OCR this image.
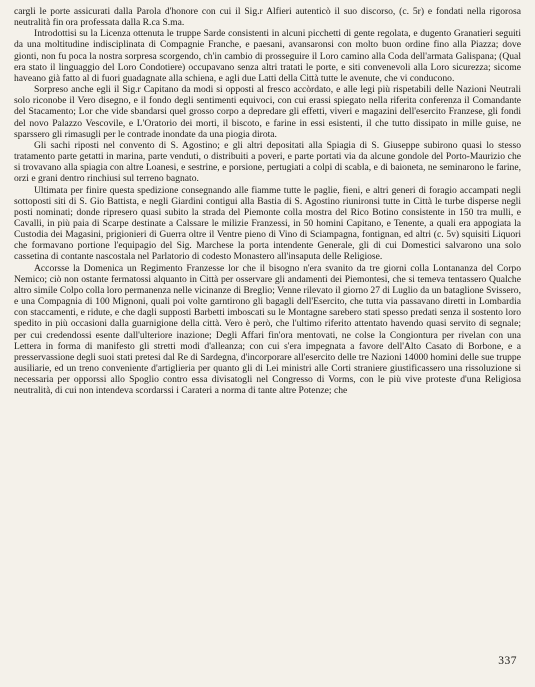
cargli le porte assicurati dalla Parola d'honore con cui il Sig.r Alfieri autenticò il suo discorso, (c. 5r) e fondati nella rigorosa neutralità fin ora professata dalla R.ca S.ma.

Introdottisi su la Licenza ottenuta le truppe Sarde consistenti in alcuni picchetti di gente regolata, e dugento Granatieri seguiti da una moltitudine indisciplinata di Compagnie Franche, e paesani, avansaronsi con molto buon ordine fino alla Piazza; dove gionti, non fu poca la nostra sorpresa scorgendo, ch'in cambio di prosseguire il Loro camino alla Coda dell'armata Galispana; (Qual era stato il linguaggio del Loro Condotiere) occupavano senza altri tratati le porte, e siti convenevoli alla Loro sicurezza; sicome haveano già fatto al di fuori guadagnate alla schiena, e agli due Latti della Città tutte le avenute, che vi conducono.

Sorpreso anche egli il Sig.r Capitano da modi si opposti al fresco accòrdato, e alle legi più rispetabili delle Nazioni Neutrali solo riconobe il Vero disegno, e il fondo degli sentimenti equivoci, con cui erassi spiegato nella riferita conferenza il Comandante del Stacamento; Lor che vide sbandarsi quel grosso corpo a depredare gli effetti, viveri e magazini dell'esercito Franzese, gli fondi del novo Palazzo Vescovile, e L'Oratorio dei morti, il biscoto, e farine in essi esistenti, il che tutto dissipato in mille guise, ne sparssero gli rimasugli per le contrade inondate da una piogia dirota.

Gli sachi riposti nel convento di S. Agostino; e gli altri depositati alla Spiagia di S. Giuseppe subirono quasi lo stesso tratamento parte getatti in marina, parte venduti, o distribuiti a poveri, e parte portati via da alcune gondole del Porto-Maurizio che si trovavano alla spiagia con altre Loanesi, e sestrine, e porsione, pertugiati a colpi di scabla, e di baioneta, ne seminarono le farine, orzi e grani dentro rinchiusi sul terreno bagnato.

Ultimata per finire questa spedizione consegnando alle fiamme tutte le paglie, fieni, e altri generi di foragio accampati negli sottoposti siti di S. Gio Battista, e negli Giardini contigui alla Bastia di S. Agostino riunironsi tutte in Città le turbe disperse negli posti nominati; donde ripresero quasi subito la strada del Piemonte colla mostra del Rico Botino consistente in 150 tra mulli, e Cavalli, in più paia di Scarpe destinate a Calssare le milizie Franzessi, in 50 homini Capitano, e Tenente, a quali era appogiata la Custodia dei Magasini, prigionieri di Guerra oltre il Ventre pieno di Vino di Sciampagna, fontignan, ed altri (c. 5v) squisiti Liquori che formavano portione l'equipagio del Sig. Marchese la porta intendente Generale, gli di cui Domestici salvarono una solo cassetina di contante nascostala nel Parlatorio di codesto Monastero all'insaputa delle Religiose.

Accorsse la Domenica un Regimento Franzesse lor che il bisogno n'era svanito da tre giorni colla Lontananza del Corpo Nemico; ciò non ostante fermatossi alquanto in Città per osservare gli andamenti dei Piemontesi, che si temeva tentassero Qualche altro simile Colpo colla loro permanenza nelle vicinanze di Breglio; Venne rilevato il giorno 27 di Luglio da un bataglione Svissero, e una Compagnia di 100 Mignoni, quali poi volte garntirono gli bagagli dell'Esercito, che tutta via passavano diretti in Lombardia con staccamenti, e ridute, e che dagli supposti Barbetti imboscati su le Montagne sarebero stati spesso predati senza il sostento loro spedito in più occasioni dalla guarnigione della città. Vero è però, che l'ultimo riferito attentato havendo quasi servito di segnale; per cui credendossi esente dall'ulteriore inazione; Degli Affari fin'ora mentovati, ne colse la Congiontura per rivelan con una Lettera in forma di manifesto gli stretti modi d'alleanza; con cui s'era impegnata a favore dell'Alto Casato di Borbone, e a presservassione degli suoi stati pretesi dal Re di Sardegna, d'incorporare all'esercito delle tre Nazioni 14000 homini delle sue truppe ausiliarie, ed un treno conveniente d'artiglieria per quanto gli di Lei ministri alle Corti straniere giustificassero una rissoluzione si necessaria per opporssi allo Spoglio contro essa divisatogli nel Congresso di Vorms, con le più vive proteste d'una Religiosa neutralità, di cui non intendeva scordarssi i Carateri a norma di tante altre Potenze; che

337
